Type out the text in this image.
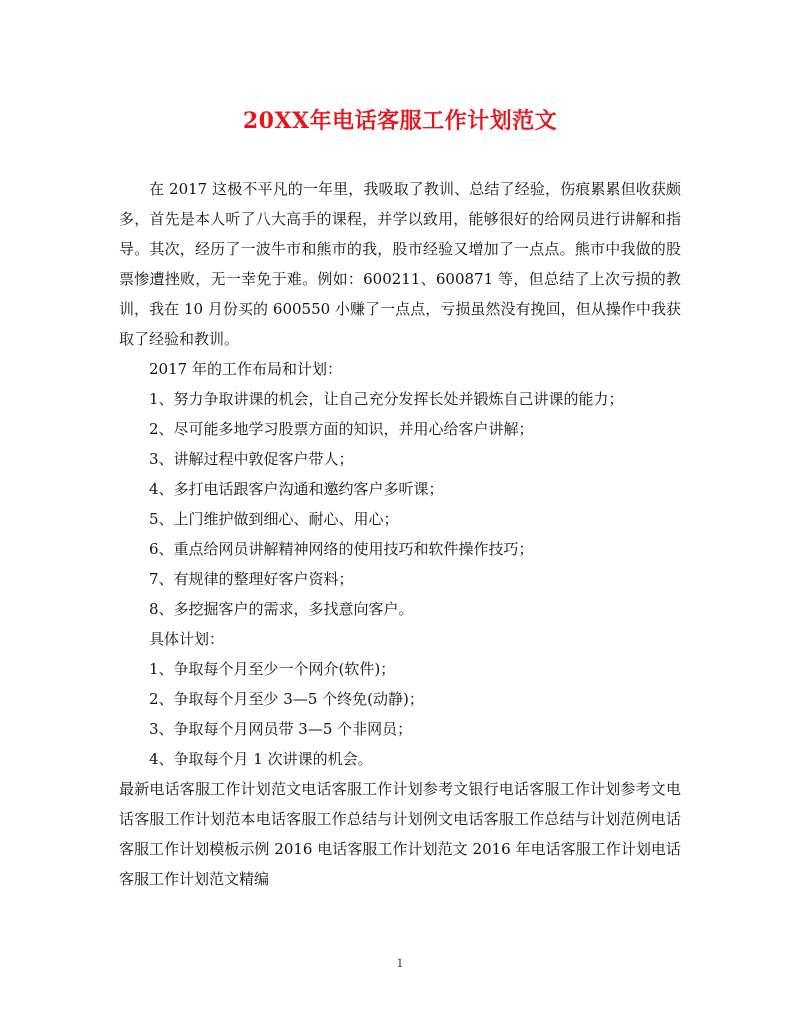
20XX年电话客服工作计划范文

在 2017 这极不平凡的一年里，我吸取了教训、总结了经验，伤痕累累但收获颇多，首先是本人听了八大高手的课程，并学以致用，能够很好的给网员进行讲解和指导。其次，经历了一波牛市和熊市的我，股市经验又增加了一点点。熊市中我做的股票惨遭挫败，无一幸免于难。例如：600211、600871 等，但总结了上次亏损的教训，我在 10 月份买的 600550 小赚了一点点，亏损虽然没有挽回，但从操作中我获取了经验和教训。

2017 年的工作布局和计划：

1、努力争取讲课的机会，让自己充分发挥长处并锻炼自己讲课的能力；

2、尽可能多地学习股票方面的知识，并用心给客户讲解；

3、讲解过程中敦促客户带人；

4、多打电话跟客户沟通和邀约客户多听课；

5、上门维护做到细心、耐心、用心；

6、重点给网员讲解精神网络的使用技巧和软件操作技巧；

7、有规律的整理好客户资料；

8、多挖掘客户的需求，多找意向客户。

具体计划：

1、争取每个月至少一个网介(软件)；

2、争取每个月至少 3—5 个终免(动静)；

3、争取每个月网员带 3—5 个非网员；

4、争取每个月 1 次讲课的机会。

最新电话客服工作计划范文电话客服工作计划参考文银行电话客服工作计划参考文电话客服工作计划范本电话客服工作总结与计划例文电话客服工作总结与计划范例电话客服工作计划模板示例 2016 电话客服工作计划范文 2016 年电话客服工作计划电话客服工作计划范文精编

1
